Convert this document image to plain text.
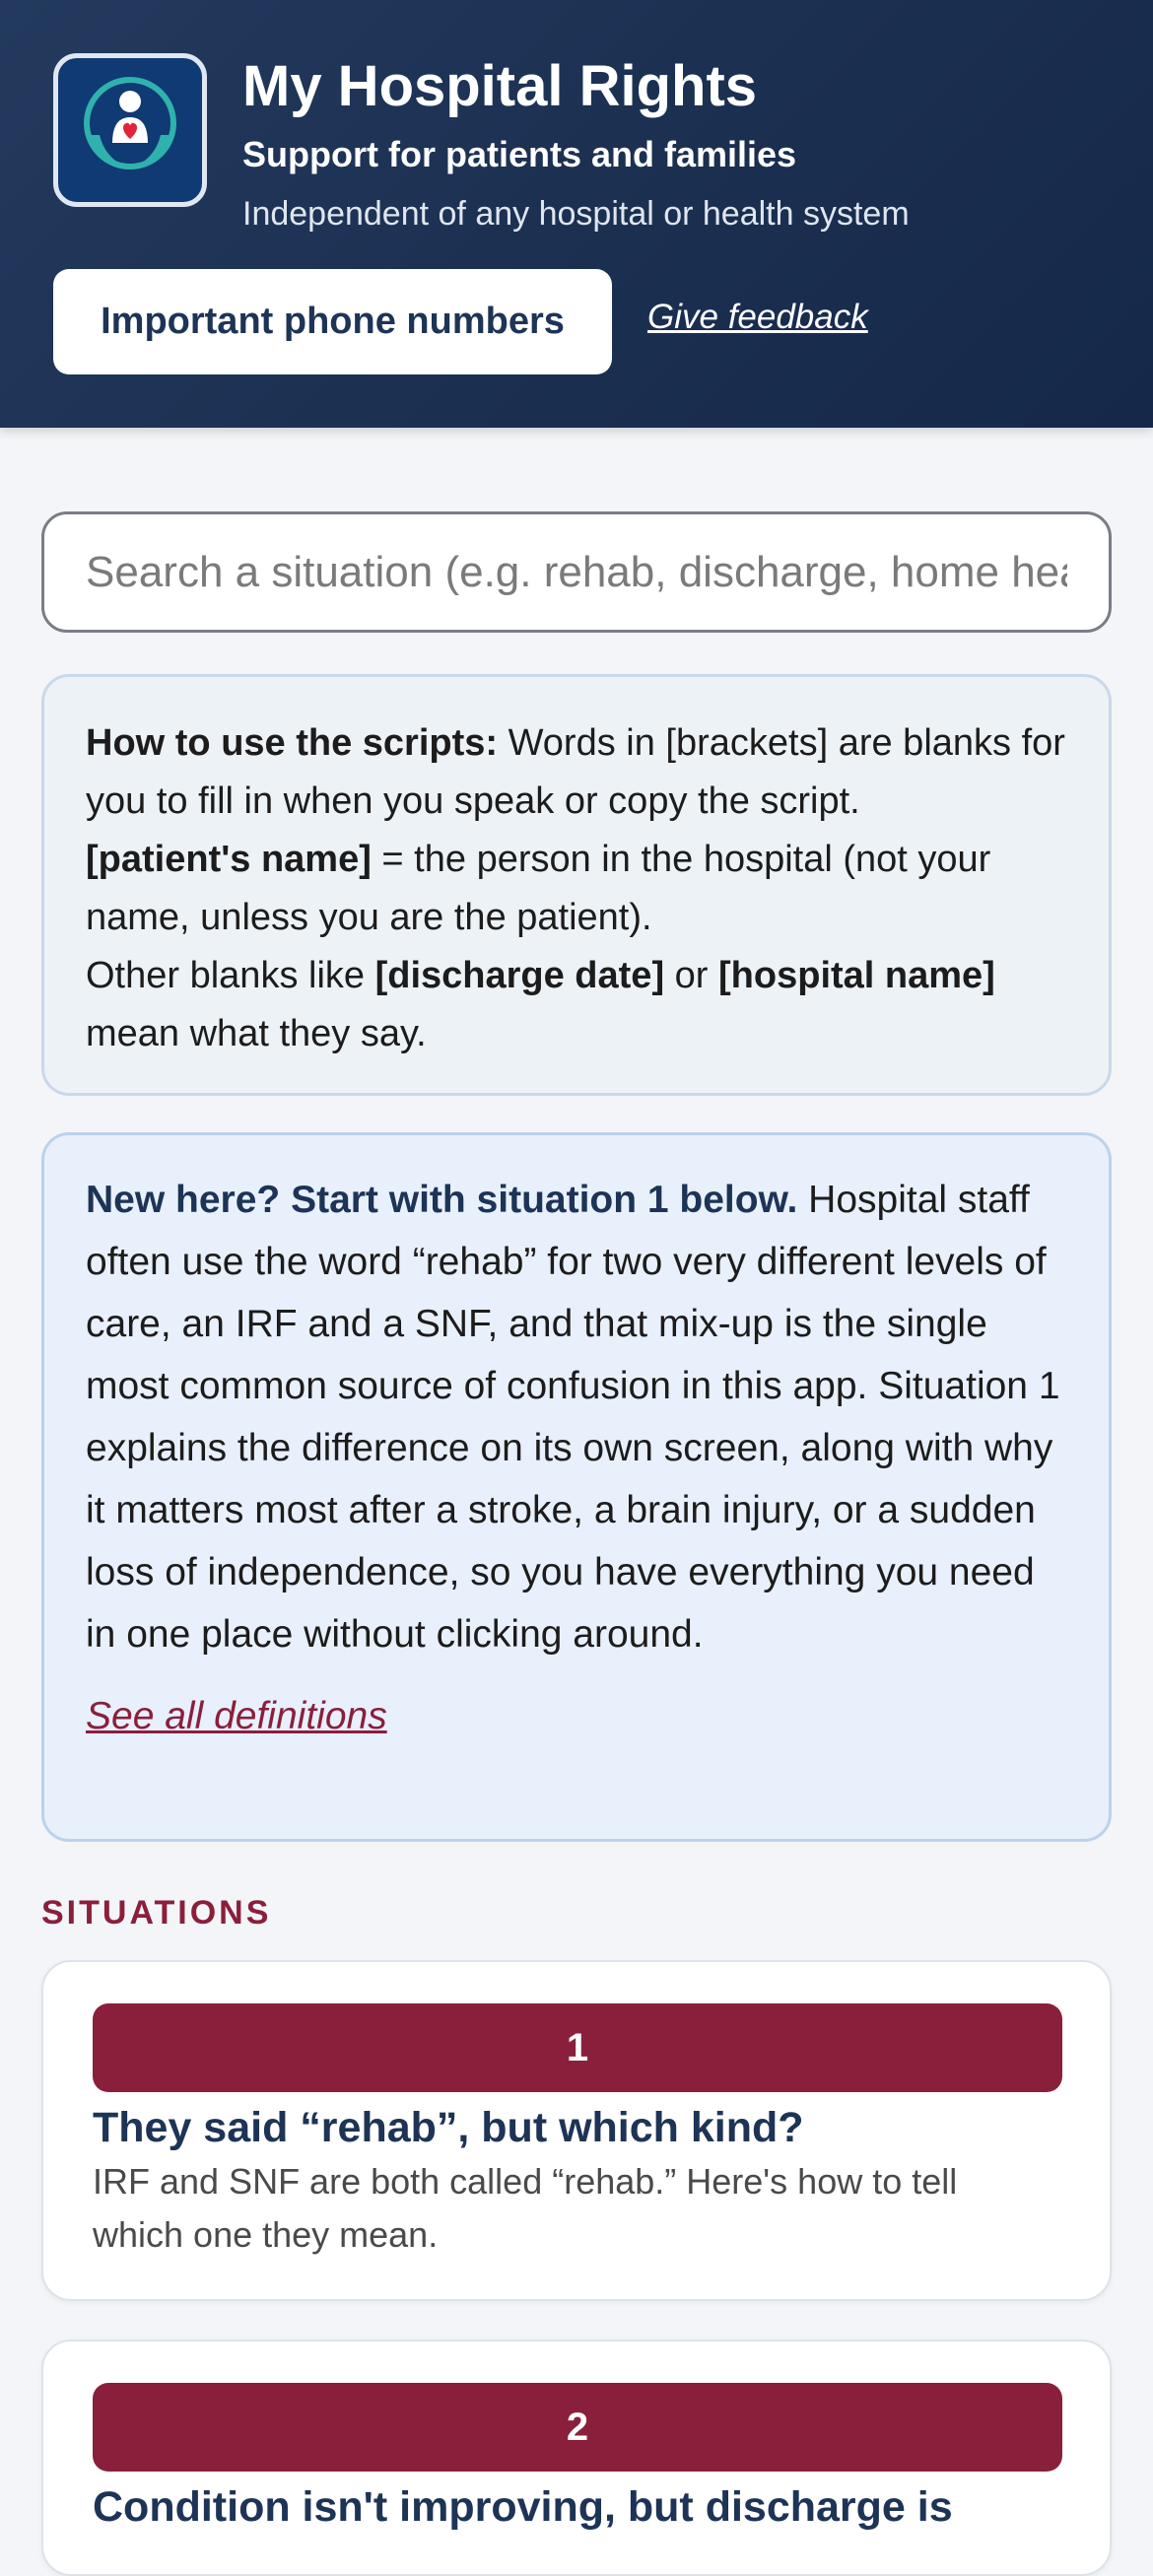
My Hospital Rights
Support for patients and families
Independent of any hospital or health system
Important phone numbers	Give feedback
Search a situation (e.g. rehab, discharge, home health)
How to use the scripts: Words in [brackets] are blanks for you to fill in when you speak or copy the script.
[patient's name] = the person in the hospital (not your name, unless you are the patient).
Other blanks like [discharge date] or [hospital name] mean what they say.
New here? Start with situation 1 below. Hospital staff often use the word “rehab” for two very different levels of care, an IRF and a SNF, and that mix-up is the single most common source of confusion in this app. Situation 1 explains the difference on its own screen, along with why it matters most after a stroke, a brain injury, or a sudden loss of independence, so you have everything you need in one place without clicking around.
See all definitions
SITUATIONS
1
They said “rehab”, but which kind?
IRF and SNF are both called “rehab.” Here's how to tell which one they mean.
2
Condition isn't improving, but discharge is
